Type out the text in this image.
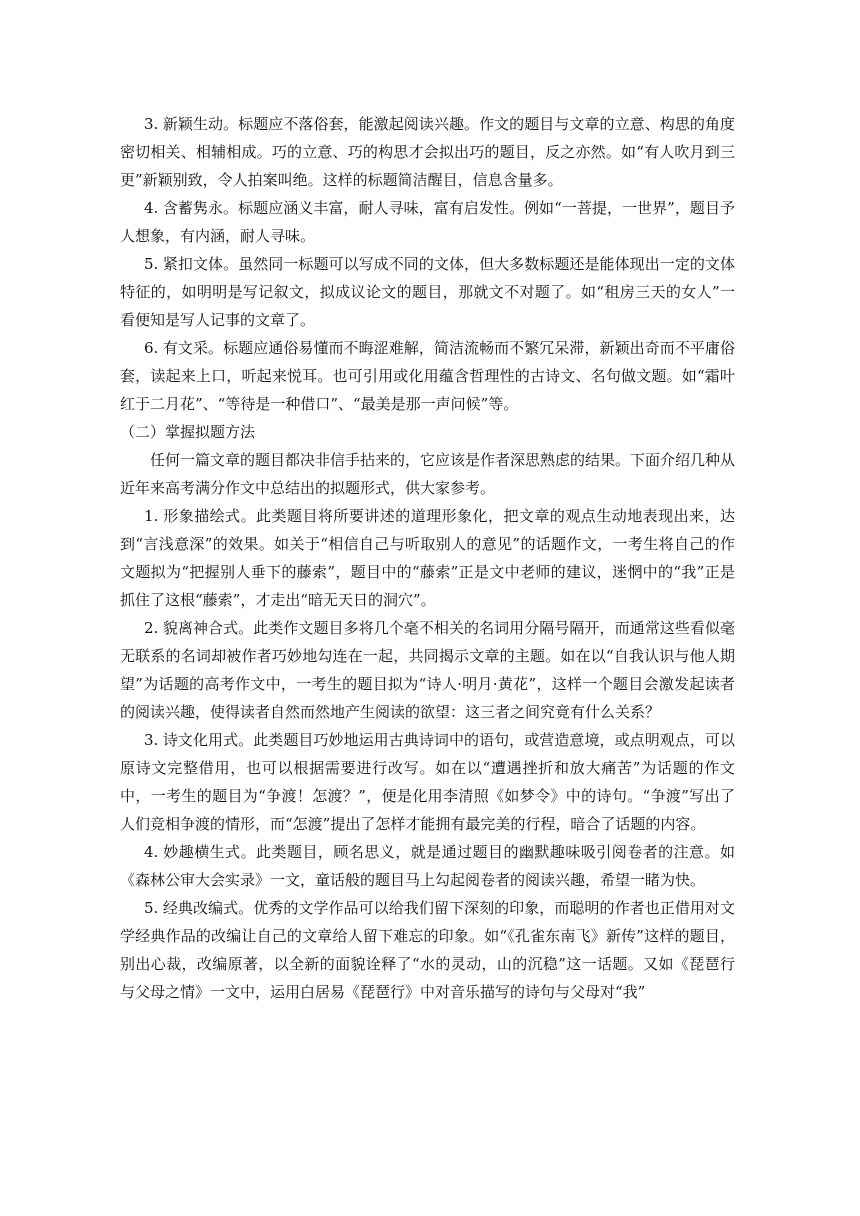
3. 新颖生动。标题应不落俗套，能激起阅读兴趣。作文的题目与文章的立意、构思的角度密切相关、相辅相成。巧的立意、巧的构思才会拟出巧的题目，反之亦然。如“有人吹月到三更”新颖别致，令人拍案叫绝。这样的标题简洁醒目，信息含量多。

4. 含蓄隽永。标题应涵义丰富，耐人寻味，富有启发性。例如“一菩提，一世界”，题目予人想象，有内涵，耐人寻味。

5. 紧扣文体。虽然同一标题可以写成不同的文体，但大多数标题还是能体现出一定的文体特征的，如明明是写记叙文，拟成议论文的题目，那就文不对题了。如“租房三天的女人”一看便知是写人记事的文章了。

6. 有文采。标题应通俗易懂而不晦涩难解，简洁流畅而不繁冗呆滞，新颖出奇而不平庸俗套，读起来上口，听起来悦耳。也可引用或化用蕴含哲理性的古诗文、名句做文题。如“霜叶红于二月花”、“等待是一种借口”、“最美是那一声问候”等。

（二）掌握拟题方法

任何一篇文章的题目都决非信手拈来的，它应该是作者深思熟虑的结果。下面介绍几种从近年来高考满分作文中总结出的拟题形式，供大家参考。

1. 形象描绘式。此类题目将所要讲述的道理形象化，把文章的观点生动地表现出来，达到“言浅意深”的效果。如关于“相信自己与听取别人的意见”的话题作文，一考生将自己的作文题拟为“把握别人垂下的藤索”，题目中的“藤索”正是文中老师的建议，迷惘中的“我”正是抓住了这根“藤索”，才走出“暗无天日的洞穴”。

2. 貌离神合式。此类作文题目多将几个毫不相关的名词用分隔号隔开，而通常这些看似毫无联系的名词却被作者巧妙地勾连在一起，共同揭示文章的主题。如在以“自我认识与他人期望”为话题的高考作文中，一考生的题目拟为“诗人·明月·黄花”，这样一个题目会激发起读者的阅读兴趣，使得读者自然而然地产生阅读的欲望：这三者之间究竟有什么关系？

3. 诗文化用式。此类题目巧妙地运用古典诗词中的语句，或营造意境，或点明观点，可以原诗文完整借用，也可以根据需要进行改写。如在以“遭遇挫折和放大痛苦”为话题的作文中，一考生的题目为“争渡！怎渡？”，便是化用李清照《如梦令》中的诗句。“争渡”写出了人们竞相争渡的情形，而“怎渡”提出了怎样才能拥有最完美的行程，暗合了话题的内容。

4. 妙趣横生式。此类题目，顾名思义，就是通过题目的幽默趣味吸引阅卷者的注意。如《森林公审大会实录》一文，童话般的题目马上勾起阅卷者的阅读兴趣，希望一睹为快。

5. 经典改编式。优秀的文学作品可以给我们留下深刻的印象，而聪明的作者也正借用对文学经典作品的改编让自己的文章给人留下难忘的印象。如“《孔雀东南飞》新传”这样的题目，别出心裁，改编原著，以全新的面貌诠释了“水的灵动，山的沉稳”这一话题。又如《琵琶行与父母之情》一文中，运用白居易《琵琶行》中对音乐描写的诗句与父母对“我”
